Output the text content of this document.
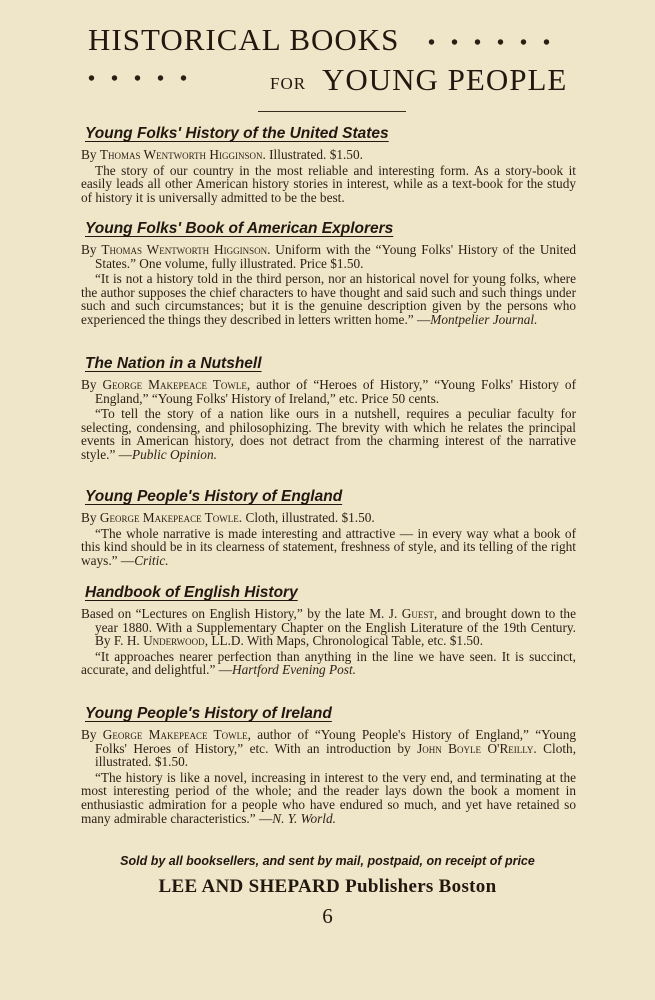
HISTORICAL BOOKS ••••••
•••••	FOR YOUNG PEOPLE
Young Folks' History of the United States

By Thomas Wentworth Higginson. Illustrated. $1.50.

The story of our country in the most reliable and interesting form. As a story-book it easily leads all other American history stories in interest, while as a text-book for the study of history it is universally admitted to be the best.

Young Folks' Book of American Explorers

By Thomas Wentworth Higginson. Uniform with the “Young Folks' History of the United States.” One volume, fully illustrated. Price $1.50.

“It is not a history told in the third person, nor an historical novel for young folks, where the author supposes the chief characters to have thought and said such and such things under such and such circumstances; but it is the genuine description given by the persons who experienced the things they described in letters written home.” —Montpelier Journal.

The Nation in a Nutshell

By George Makepeace Towle, author of “Heroes of History,” “Young Folks' History of England,” “Young Folks' History of Ireland,” etc. Price 50 cents.

“To tell the story of a nation like ours in a nutshell, requires a peculiar faculty for selecting, condensing, and philosophizing. The brevity with which he relates the principal events in American history, does not detract from the charming interest of the narrative style.” —Public Opinion.

Young People's History of England

By George Makepeace Towle. Cloth, illustrated. $1.50.

“The whole narrative is made interesting and attractive — in every way what a book of this kind should be in its clearness of statement, freshness of style, and its telling of the right ways.” —Critic.

Handbook of English History

Based on “Lectures on English History,” by the late M. J. Guest, and brought down to the year 1880. With a Supplementary Chapter on the English Literature of the 19th Century. By F. H. Underwood, LL.D. With Maps, Chronological Table, etc. $1.50.

“It approaches nearer perfection than anything in the line we have seen. It is succinct, accurate, and delightful.” —Hartford Evening Post.

Young People's History of Ireland

By George Makepeace Towle, author of “Young People's History of England,” “Young Folks' Heroes of History,” etc. With an introduction by John Boyle O'Reilly. Cloth, illustrated. $1.50.

“The history is like a novel, increasing in interest to the very end, and terminating at the most interesting period of the whole; and the reader lays down the book a moment in enthusiastic admiration for a people who have endured so much, and yet have retained so many admirable characteristics.” —N. Y. World.

Sold by all booksellers, and sent by mail, postpaid, on receipt of price
LEE AND SHEPARD Publishers Boston
6
